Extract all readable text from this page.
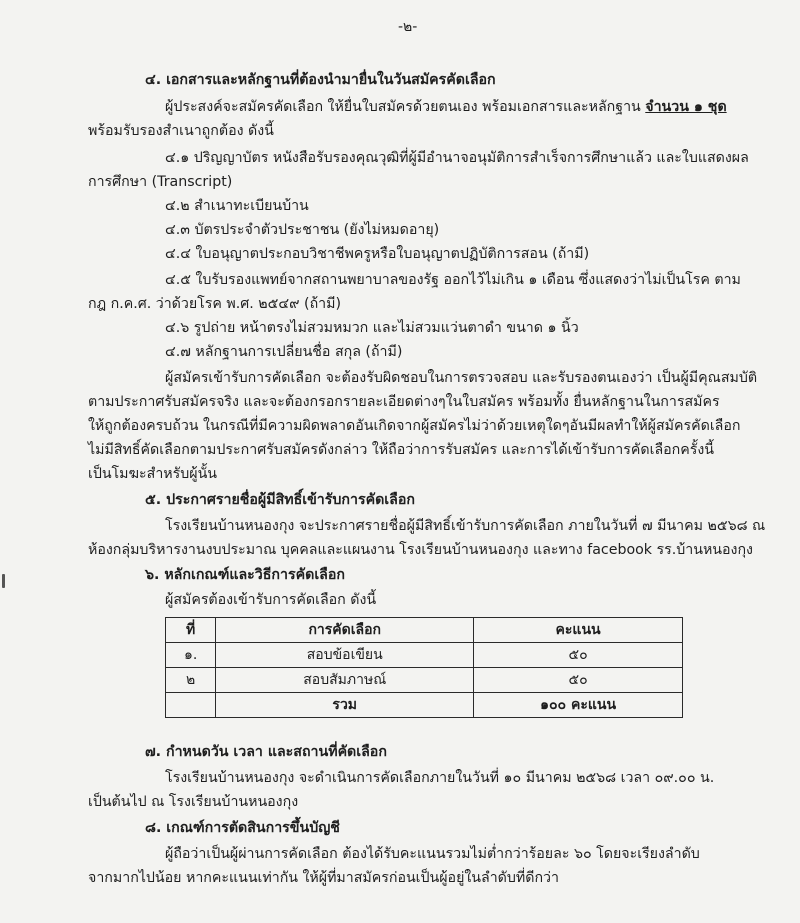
-๒-
๔. เอกสารและหลักฐานที่ต้องนำมายื่นในวันสมัครคัดเลือก
ผู้ประสงค์จะสมัครคัดเลือก ให้ยื่นใบสมัครด้วยตนเอง พร้อมเอกสารและหลักฐาน จำนวน ๑ ชุด
พร้อมรับรองสำเนาถูกต้อง ดังนี้
๔.๑ ปริญญาบัตร หนังสือรับรองคุณวุฒิที่ผู้มีอำนาจอนุมัติการสำเร็จการศึกษาแล้ว และใบแสดงผล
การศึกษา (Transcript)
๔.๒ สำเนาทะเบียนบ้าน
๔.๓ บัตรประจำตัวประชาชน (ยังไม่หมดอายุ)
๔.๔ ใบอนุญาตประกอบวิชาชีพครูหรือใบอนุญาตปฏิบัติการสอน (ถ้ามี)
๔.๕ ใบรับรองแพทย์จากสถานพยาบาลของรัฐ ออกไว้ไม่เกิน ๑ เดือน ซึ่งแสดงว่าไม่เป็นโรค ตาม
กฎ ก.ค.ศ. ว่าด้วยโรค พ.ศ. ๒๕๔๙ (ถ้ามี)
๔.๖ รูปถ่าย หน้าตรงไม่สวมหมวก และไม่สวมแว่นตาดำ ขนาด ๑ นิ้ว
๔.๗ หลักฐานการเปลี่ยนชื่อ สกุล (ถ้ามี)
ผู้สมัครเข้ารับการคัดเลือก จะต้องรับผิดชอบในการตรวจสอบ และรับรองตนเองว่า เป็นผู้มีคุณสมบัติ
ตามประกาศรับสมัครจริง และจะต้องกรอกรายละเอียดต่างๆในใบสมัคร พร้อมทั้ง ยื่นหลักฐานในการสมัคร
ให้ถูกต้องครบถ้วน ในกรณีที่มีความผิดพลาดอันเกิดจากผู้สมัครไม่ว่าด้วยเหตุใดๆอันมีผลทำให้ผู้สมัครคัดเลือก
ไม่มีสิทธิ์คัดเลือกตามประกาศรับสมัครดังกล่าว ให้ถือว่าการรับสมัคร และการได้เข้ารับการคัดเลือกครั้งนี้
เป็นโมฆะสำหรับผู้นั้น
๕. ประกาศรายชื่อผู้มีสิทธิ์เข้ารับการคัดเลือก
โรงเรียนบ้านหนองกุง จะประกาศรายชื่อผู้มีสิทธิ์เข้ารับการคัดเลือก ภายในวันที่ ๗ มีนาคม ๒๕๖๘ ณ
ห้องกลุ่มบริหารงานงบประมาณ บุคคลและแผนงาน โรงเรียนบ้านหนองกุง และทาง facebook รร.บ้านหนองกุง
๖. หลักเกณฑ์และวิธีการคัดเลือก
ผู้สมัครต้องเข้ารับการคัดเลือก ดังนี้
ที่	การคัดเลือก	คะแนน
๑.	สอบข้อเขียน	๕๐
๒	สอบสัมภาษณ์	๕๐
	รวม	๑๐๐ คะแนน
๗. กำหนดวัน เวลา และสถานที่คัดเลือก
โรงเรียนบ้านหนองกุง จะดำเนินการคัดเลือกภายในวันที่ ๑๐ มีนาคม ๒๕๖๘ เวลา ๐๙.๐๐ น.
เป็นต้นไป ณ โรงเรียนบ้านหนองกุง
๘. เกณฑ์การตัดสินการขึ้นบัญชี
ผู้ถือว่าเป็นผู้ผ่านการคัดเลือก ต้องได้รับคะแนนรวมไม่ต่ำกว่าร้อยละ ๖๐ โดยจะเรียงลำดับ
จากมากไปน้อย หากคะแนนเท่ากัน ให้ผู้ที่มาสมัครก่อนเป็นผู้อยู่ในลำดับที่ดีกว่า
